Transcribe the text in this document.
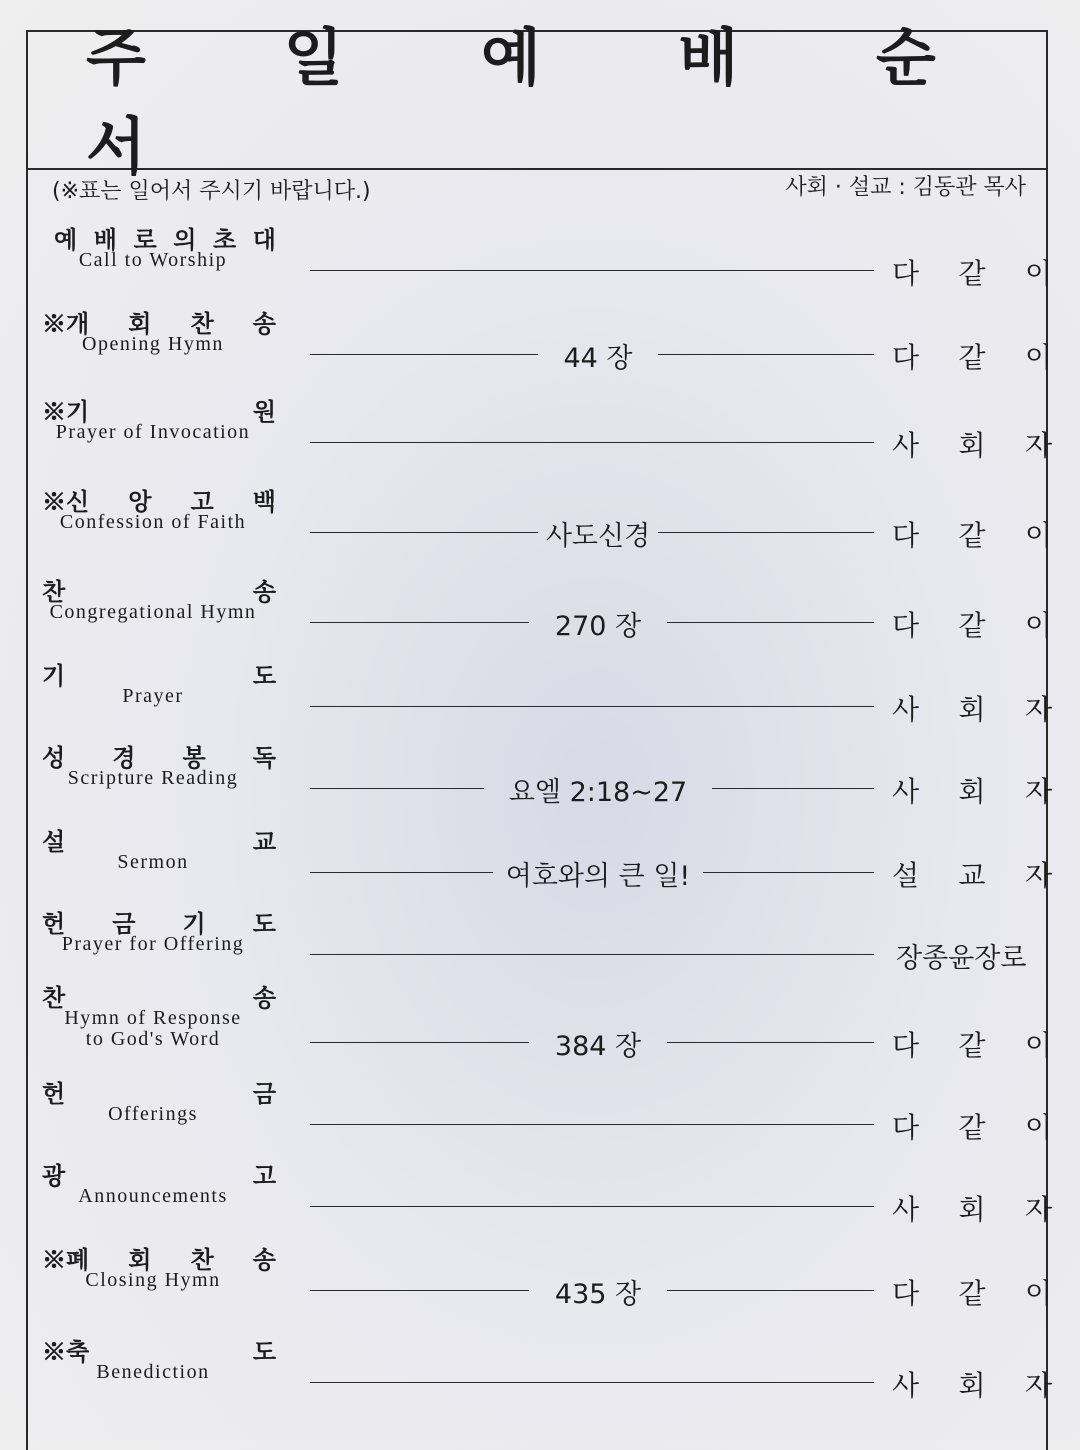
주 일 예 배 순 서
(※표는 일어서 주시기 바랍니다.)	사회 · 설교 : 김동관 목사
예 배 로 의 초 대
Call to Worship	다 같 이
※개 회 찬 송
Opening Hymn	44 장	다 같 이
※기	원
Prayer of Invocation	사 회 자
※신 앙 고 백
Confession of Faith	사도신경	다 같 이
찬	송
Congregational Hymn	270 장	다 같 이
기	도
Prayer	사 회 자
성 경 봉 독
Scripture Reading	요엘 2:18~27	사 회 자
설	교
Sermon	여호와의 큰 일!	설 교 자
헌 금 기 도
Prayer for Offering	장종윤장로
찬	송
Hymn of Response
to God's Word	384 장	다 같 이
헌	금
Offerings	다 같 이
광	고
Announcements	사 회 자
※폐 회 찬 송
Closing Hymn	435 장	다 같 이
※축	도
Benediction	사 회 자
